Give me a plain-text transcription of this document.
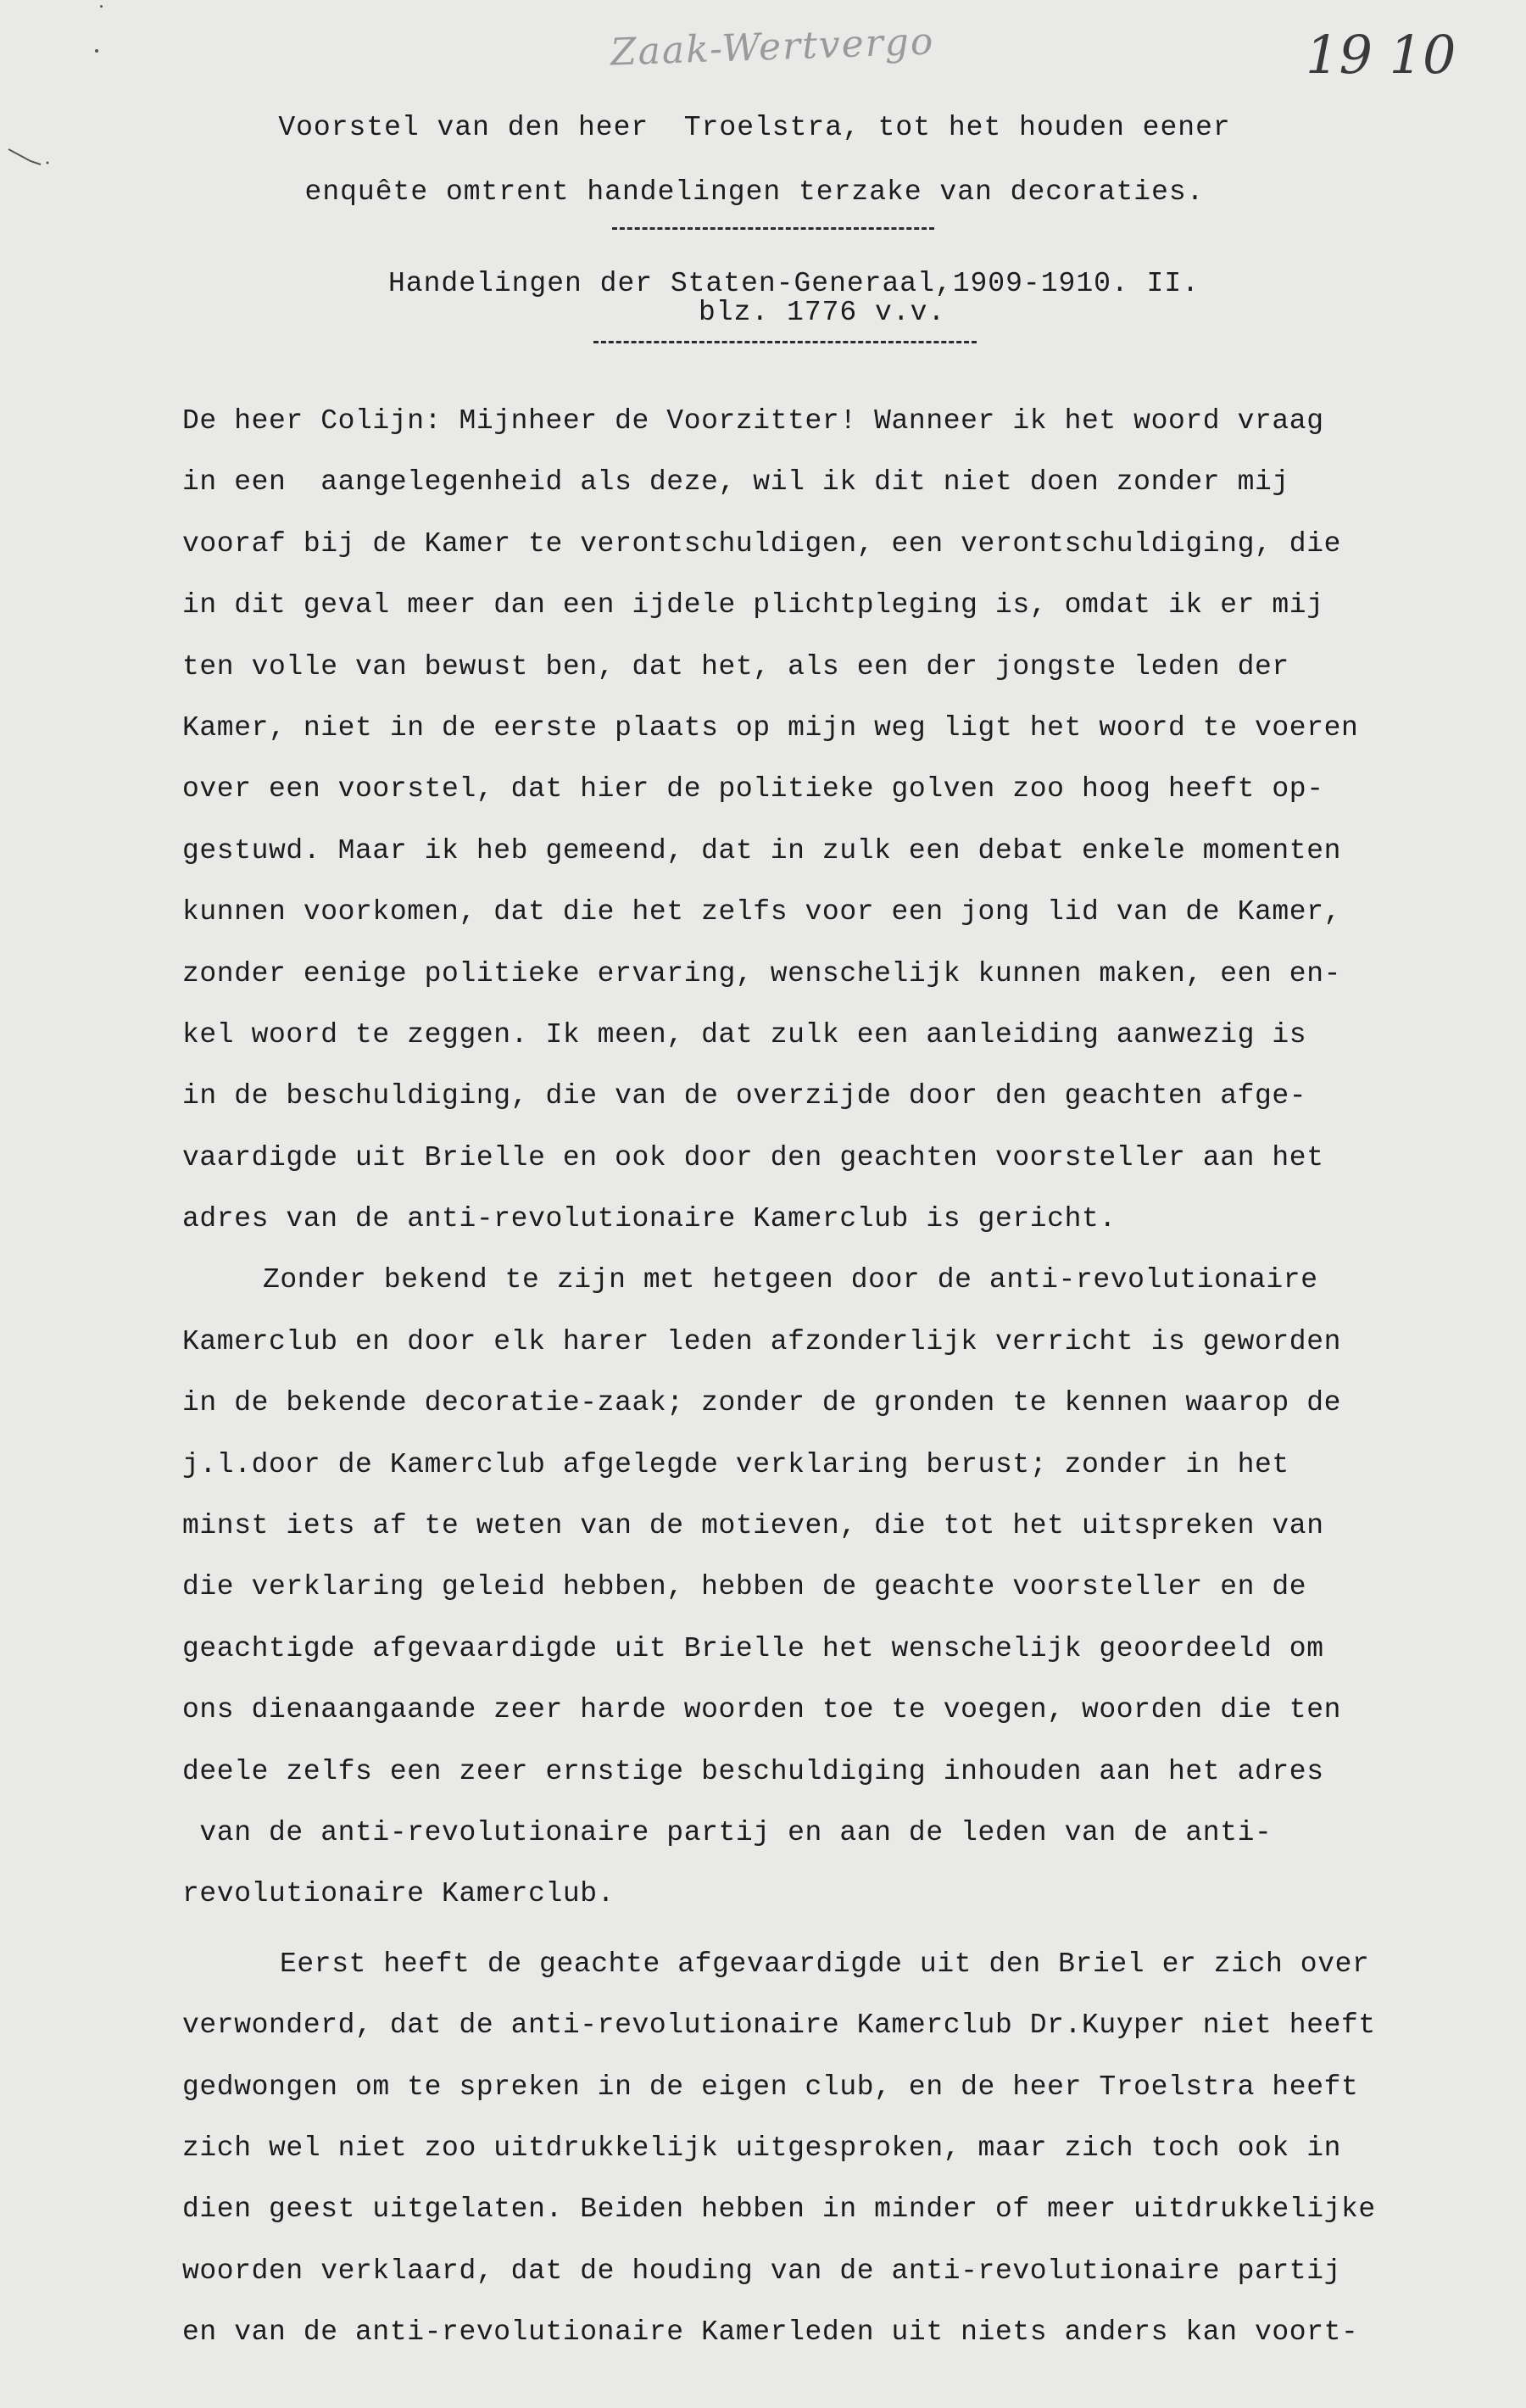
Zaak-Wertvergo	19 10
Voorstel van den heer  Troelstra, tot het houden eener
enquête omtrent handelingen terzake van decoraties.
Handelingen der Staten-Generaal,1909-1910. II.
blz. 1776 v.v.
De heer Colijn: Mijnheer de Voorzitter! Wanneer ik het woord vraag
in een  aangelegenheid als deze, wil ik dit niet doen zonder mij
vooraf bij de Kamer te verontschuldigen, een verontschuldiging, die
in dit geval meer dan een ijdele plichtpleging is, omdat ik er mij
ten volle van bewust ben, dat het, als een der jongste leden der
Kamer, niet in de eerste plaats op mijn weg ligt het woord te voeren
over een voorstel, dat hier de politieke golven zoo hoog heeft op-
gestuwd. Maar ik heb gemeend, dat in zulk een debat enkele momenten
kunnen voorkomen, dat die het zelfs voor een jong lid van de Kamer,
zonder eenige politieke ervaring, wenschelijk kunnen maken, een en-
kel woord te zeggen. Ik meen, dat zulk een aanleiding aanwezig is
in de beschuldiging, die van de overzijde door den geachten afge-
vaardigde uit Brielle en ook door den geachten voorsteller aan het
adres van de anti-revolutionaire Kamerclub is gericht.
Zonder bekend te zijn met hetgeen door de anti-revolutionaire
Kamerclub en door elk harer leden afzonderlijk verricht is geworden
in de bekende decoratie-zaak; zonder de gronden te kennen waarop de
j.l.door de Kamerclub afgelegde verklaring berust; zonder in het
minst iets af te weten van de motieven, die tot het uitspreken van
die verklaring geleid hebben, hebben de geachte voorsteller en de
geachtigde afgevaardigde uit Brielle het wenschelijk geoordeeld om
ons dienaangaande zeer harde woorden toe te voegen, woorden die ten
deele zelfs een zeer ernstige beschuldiging inhouden aan het adres
van de anti-revolutionaire partij en aan de leden van de anti-
revolutionaire Kamerclub.
Eerst heeft de geachte afgevaardigde uit den Briel er zich over
verwonderd, dat de anti-revolutionaire Kamerclub Dr.Kuyper niet heeft
gedwongen om te spreken in de eigen club, en de heer Troelstra heeft
zich wel niet zoo uitdrukkelijk uitgesproken, maar zich toch ook in
dien geest uitgelaten. Beiden hebben in minder of meer uitdrukkelijke
woorden verklaard, dat de houding van de anti-revolutionaire partij
en van de anti-revolutionaire Kamerleden uit niets anders kan voort-
